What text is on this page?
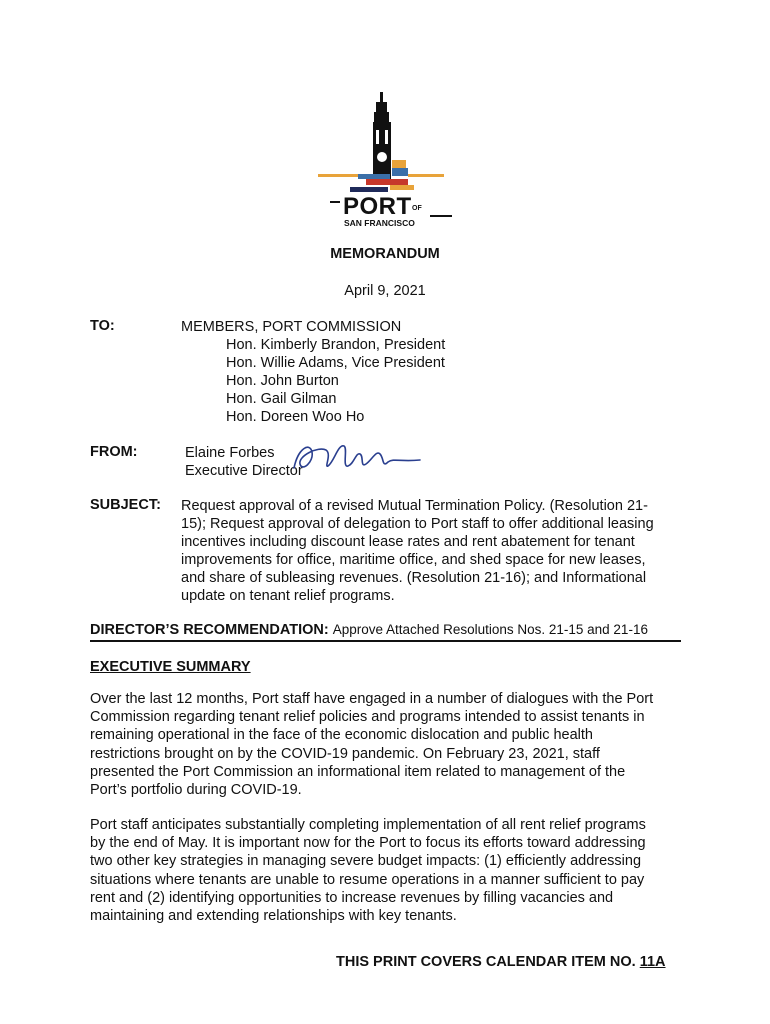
PORT OF
SAN FRANCISCO
MEMORANDUM
April 9, 2021
TO:	MEMBERS, PORT COMMISSION
Hon. Kimberly Brandon, President
Hon. Willie Adams, Vice President
Hon. John Burton
Hon. Gail Gilman
Hon. Doreen Woo Ho
FROM:	Elaine Forbes
Executive Director
SUBJECT: Request approval of a revised Mutual Termination Policy. (Resolution 21-
15); Request approval of delegation to Port staff to offer additional leasing
incentives including discount lease rates and rent abatement for tenant
improvements for office, maritime office, and shed space for new leases,
and share of subleasing revenues. (Resolution 21-16); and Informational
update on tenant relief programs.
DIRECTOR’S RECOMMENDATION: Approve Attached Resolutions Nos. 21-15 and 21-16
EXECUTIVE SUMMARY
Over the last 12 months, Port staff have engaged in a number of dialogues with the Port
Commission regarding tenant relief policies and programs intended to assist tenants in
remaining operational in the face of the economic dislocation and public health
restrictions brought on by the COVID-19 pandemic. On February 23, 2021, staff
presented the Port Commission an informational item related to management of the
Port’s portfolio during COVID-19.
Port staff anticipates substantially completing implementation of all rent relief programs
by the end of May. It is important now for the Port to focus its efforts toward addressing
two other key strategies in managing severe budget impacts: (1) efficiently addressing
situations where tenants are unable to resume operations in a manner sufficient to pay
rent and (2) identifying opportunities to increase revenues by filling vacancies and
maintaining and extending relationships with key tenants.
THIS PRINT COVERS CALENDAR ITEM NO. 11A
